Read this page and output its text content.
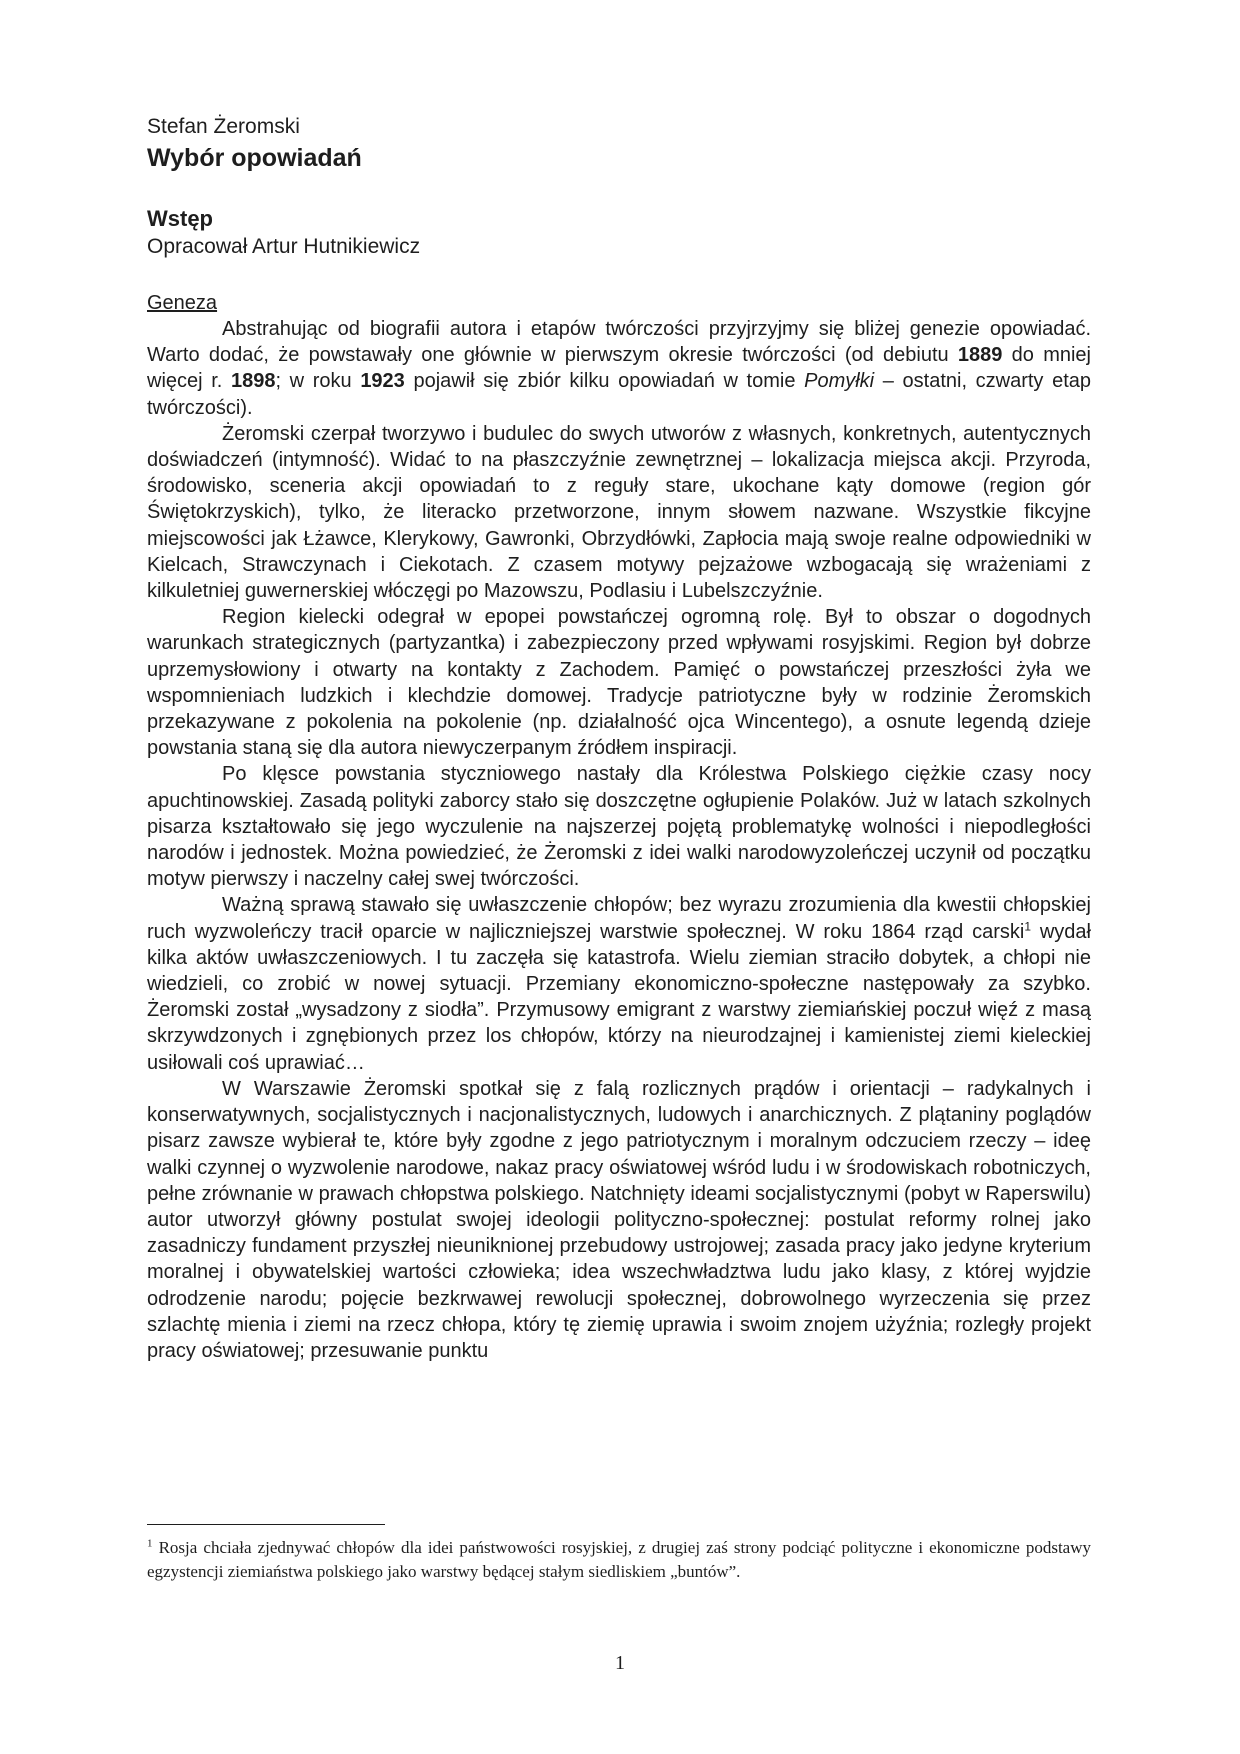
Stefan Żeromski
Wybór opowiadań
Wstęp
Opracował Artur Hutnikiewicz
Geneza

Abstrahując od biografii autora i etapów twórczości przyjrzyjmy się bliżej genezie opowiadać. Warto dodać, że powstawały one głównie w pierwszym okresie twórczości (od debiutu 1889 do mniej więcej r. 1898; w roku 1923 pojawił się zbiór kilku opowiadań w tomie Pomyłki – ostatni, czwarty etap twórczości).

Żeromski czerpał tworzywo i budulec do swych utworów z własnych, konkretnych, autentycznych doświadczeń (intymność). Widać to na płaszczyźnie zewnętrznej – lokalizacja miejsca akcji. Przyroda, środowisko, sceneria akcji opowiadań to z reguły stare, ukochane kąty domowe (region gór Świętokrzyskich), tylko, że literacko przetworzone, innym słowem nazwane. Wszystkie fikcyjne miejscowości jak Łżawce, Klerykowy, Gawronki, Obrzydłówki, Zapłocia mają swoje realne odpowiedniki w Kielcach, Strawczynach i Ciekotach. Z czasem motywy pejzażowe wzbogacają się wrażeniami z kilkuletniej guwernerskiej włóczęgi po Mazowszu, Podlasiu i Lubelszczyźnie.

Region kielecki odegrał w epopei powstańczej ogromną rolę. Był to obszar o dogodnych warunkach strategicznych (partyzantka) i zabezpieczony przed wpływami rosyjskimi. Region był dobrze uprzemysłowiony i otwarty na kontakty z Zachodem. Pamięć o powstańczej przeszłości żyła we wspomnieniach ludzkich i klechdzie domowej. Tradycje patriotyczne były w rodzinie Żeromskich przekazywane z pokolenia na pokolenie (np. działalność ojca Wincentego), a osnute legendą dzieje powstania staną się dla autora niewyczerpanym źródłem inspiracji.

Po klęsce powstania styczniowego nastały dla Królestwa Polskiego ciężkie czasy nocy apuchtinowskiej. Zasadą polityki zaborcy stało się doszczętne ogłupienie Polaków. Już w latach szkolnych pisarza kształtowało się jego wyczulenie na najszerzej pojętą problematykę wolności i niepodległości narodów i jednostek. Można powiedzieć, że Żeromski z idei walki narodowyzoleńczej uczynił od początku motyw pierwszy i naczelny całej swej twórczości.

Ważną sprawą stawało się uwłaszczenie chłopów; bez wyrazu zrozumienia dla kwestii chłopskiej ruch wyzwoleńczy tracił oparcie w najliczniejszej warstwie społecznej. W roku 1864 rząd carski$^1$ wydał kilka aktów uwłaszczeniowych. I tu zaczęła się katastrofa. Wielu ziemian straciło dobytek, a chłopi nie wiedzieli, co zrobić w nowej sytuacji. Przemiany ekonomiczno-społeczne następowały za szybko. Żeromski został „wysadzony z siodła”. Przymusowy emigrant z warstwy ziemiańskiej poczuł więź z masą skrzywdzonych i zgnębionych przez los chłopów, którzy na nieurodzajnej i kamienistej ziemi kieleckiej usiłowali coś uprawiać…

W Warszawie Żeromski spotkał się z falą rozlicznych prądów i orientacji – radykalnych i konserwatywnych, socjalistycznych i nacjonalistycznych, ludowych i anarchicznych. Z plątaniny poglądów pisarz zawsze wybierał te, które były zgodne z jego patriotycznym i moralnym odczuciem rzeczy – ideę walki czynnej o wyzwolenie narodowe, nakaz pracy oświatowej wśród ludu i w środowiskach robotniczych, pełne zrównanie w prawach chłopstwa polskiego. Natchnięty ideami socjalistycznymi (pobyt w Raperswilu) autor utworzył główny postulat swojej ideologii polityczno-społecznej: postulat reformy rolnej jako zasadniczy fundament przyszłej nieuniknionej przebudowy ustrojowej; zasada pracy jako jedyne kryterium moralnej i obywatelskiej wartości człowieka; idea wszechwładztwa ludu jako klasy, z której wyjdzie odrodzenie narodu; pojęcie bezkrwawej rewolucji społecznej, dobrowolnego wyrzeczenia się przez szlachtę mienia i ziemi na rzecz chłopa, który tę ziemię uprawia i swoim znojem użyźnia; rozległy projekt pracy oświatowej; przesuwanie punktu

$^1$ Rosja chciała zjednywać chłopów dla idei państwowości rosyjskiej, z drugiej zaś strony podciąć polityczne i ekonomiczne podstawy egzystencji ziemiaństwa polskiego jako warstwy będącej stałym siedliskiem „buntów”.
1
